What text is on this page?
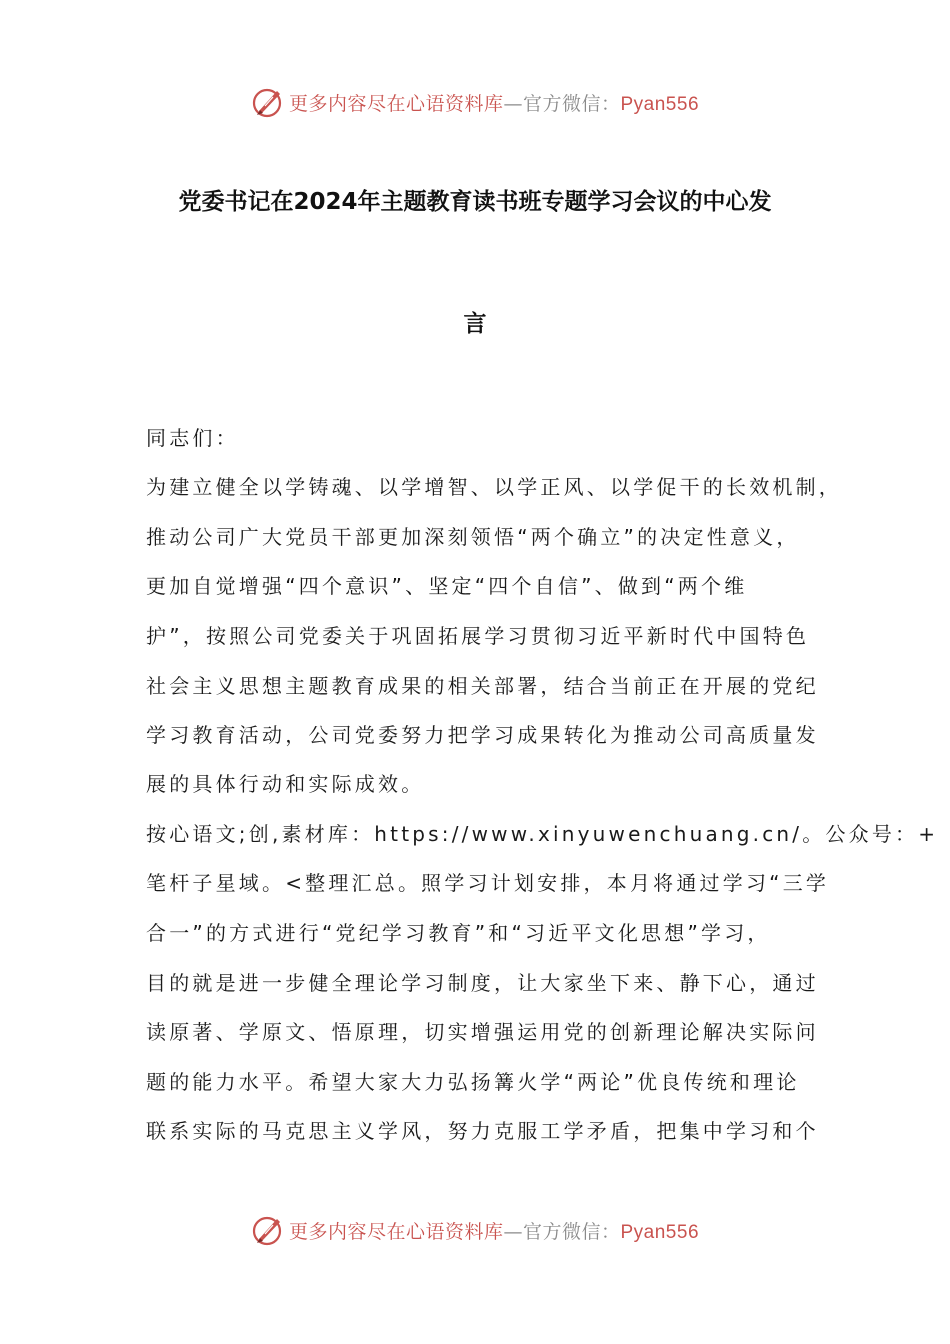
更多内容尽在心语资料库—官方微信：Pyan556
党委书记在2024年主题教育读书班专题学习会议的中心发
言
同志们：
为建立健全以学铸魂、以学增智、以学正风、以学促干的长效机制，
推动公司广大党员干部更加深刻领悟“两个确立”的决定性意义，
更加自觉增强“四个意识”、坚定“四个自信”、做到“两个维
护”，按照公司党委关于巩固拓展学习贯彻习近平新时代中国特色
社会主义思想主题教育成果的相关部署，结合当前正在开展的党纪
学习教育活动，公司党委努力把学习成果转化为推动公司高质量发
展的具体行动和实际成效。
按心语文;创,素材库：https://www.xinyuwenchuang.cn/。公众号：+
笔杆子星域。<整理汇总。照学习计划安排，本月将通过学习“三学
合一”的方式进行“党纪学习教育”和“习近平文化思想”学习，
目的就是进一步健全理论学习制度，让大家坐下来、静下心，通过
读原著、学原文、悟原理，切实增强运用党的创新理论解决实际问
题的能力水平。希望大家大力弘扬篝火学“两论”优良传统和理论
联系实际的马克思主义学风，努力克服工学矛盾，把集中学习和个
更多内容尽在心语资料库—官方微信：Pyan556
